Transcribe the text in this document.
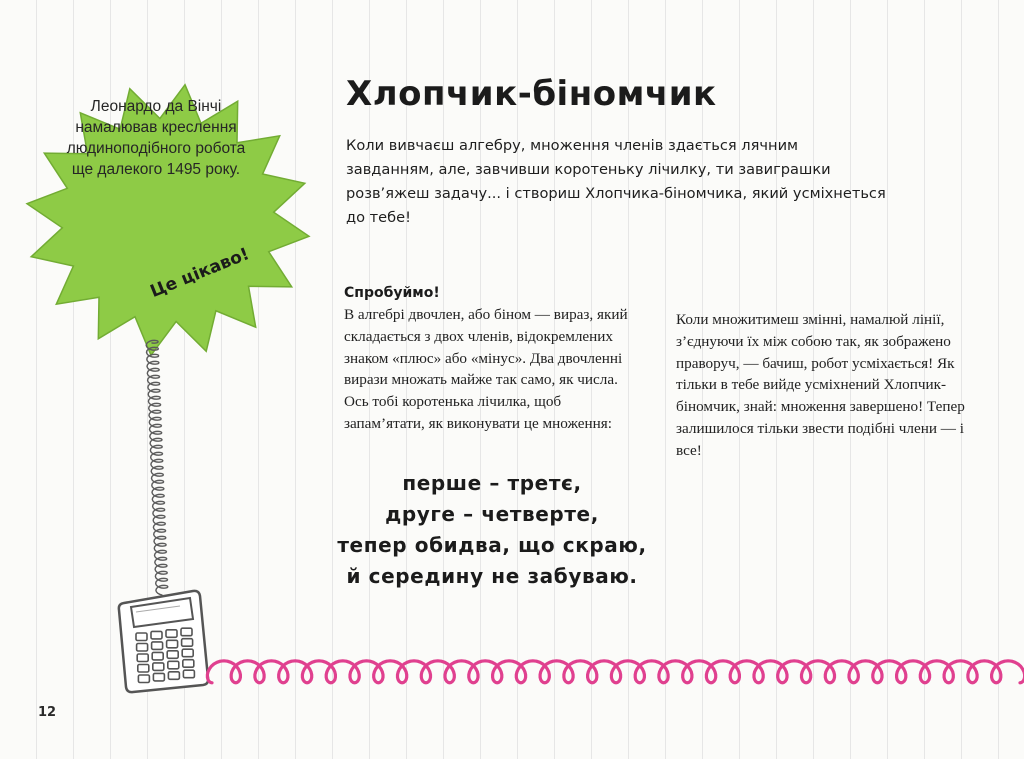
Леонардо да Вінчі намалював креслення людиноподібного робота ще далекого 1495 року.
Це цікаво!
Хлопчик-біномчик

Коли вивчаєш алгебру, множення членів здається лячним завданням, але, завчивши коротеньку лічилку, ти завиграшки розв’яжеш задачу... і створиш Хлопчика-біномчика, який усміхнеться до тебе!

Спробуймо!

В алгебрі двочлен, або біном — вираз, який складається з двох членів, відокремлених знаком «плюс» або «мінус». Два двочленні вирази множать майже так само, як числа. Ось тобі коротенька лічилка, щоб запам’ятати, як виконувати це множення:

Коли множитимеш змінні, намалюй лінії, з’єднуючи їх між собою так, як зображено праворуч, — бачиш, робот усміхається! Як тільки в тебе вийде усміхнений Хлопчик-біномчик, знай: множення завершено! Тепер залишилося тільки звести подібні члени — і все!

перше – третє,
друге – четверте,
тепер обидва, що скраю,
й середину не забуваю.
12
